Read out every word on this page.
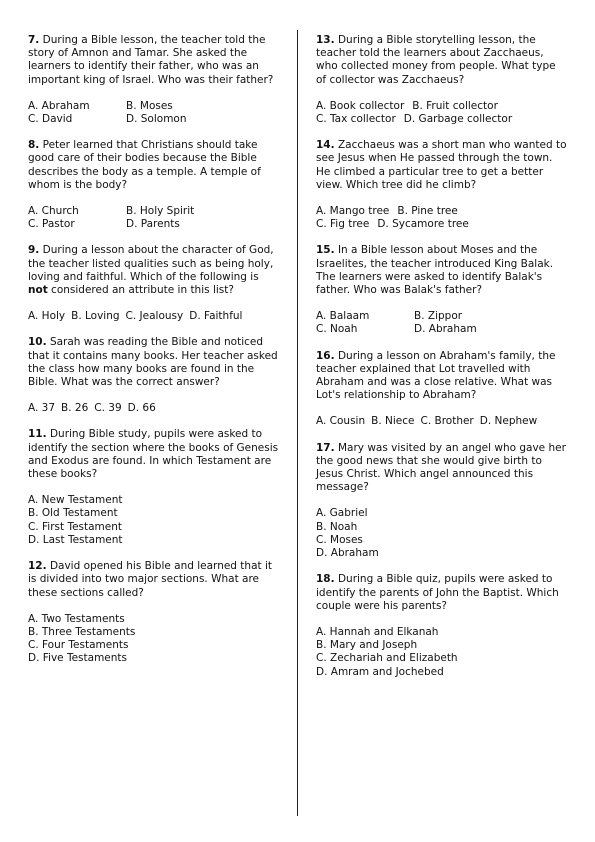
7. During a Bible lesson, the teacher told the story of Amnon and Tamar. She asked the learners to identify their father, who was an important king of Israel. Who was their father?

A. Abraham	B. Moses
C. David	D. Solomon

8. Peter learned that Christians should take good care of their bodies because the Bible describes the body as a temple. A temple of whom is the body?

A. Church	B. Holy Spirit
C. Pastor	D. Parents

9. During a lesson about the character of God, the teacher listed qualities such as being holy, loving and faithful. Which of the following is not considered an attribute in this list?

A. Holy B. Loving C. Jealousy D. Faithful

10. Sarah was reading the Bible and noticed that it contains many books. Her teacher asked the class how many books are found in the Bible. What was the correct answer?

A. 37 B. 26 C. 39 D. 66

11. During Bible study, pupils were asked to identify the section where the books of Genesis and Exodus are found. In which Testament are these books?

A. New Testament
B. Old Testament
C. First Testament
D. Last Testament

12. David opened his Bible and learned that it is divided into two major sections. What are these sections called?

A. Two Testaments
B. Three Testaments
C. Four Testaments
D. Five Testaments

13. During a Bible storytelling lesson, the teacher told the learners about Zacchaeus, who collected money from people. What type of collector was Zacchaeus?

A. Book collector B. Fruit collector
C. Tax collector D. Garbage collector

14. Zacchaeus was a short man who wanted to see Jesus when He passed through the town. He climbed a particular tree to get a better view. Which tree did he climb?

A. Mango tree B. Pine tree
C. Fig tree D. Sycamore tree

15. In a Bible lesson about Moses and the Israelites, the teacher introduced King Balak. The learners were asked to identify Balak's father. Who was Balak's father?

A. Balaam	B. Zippor
C. Noah	D. Abraham

16. During a lesson on Abraham's family, the teacher explained that Lot travelled with Abraham and was a close relative. What was Lot's relationship to Abraham?

A. Cousin B. Niece C. Brother D. Nephew

17. Mary was visited by an angel who gave her the good news that she would give birth to Jesus Christ. Which angel announced this message?

A. Gabriel
B. Noah
C. Moses
D. Abraham

18. During a Bible quiz, pupils were asked to identify the parents of John the Baptist. Which couple were his parents?

A. Hannah and Elkanah
B. Mary and Joseph
C. Zechariah and Elizabeth
D. Amram and Jochebed
